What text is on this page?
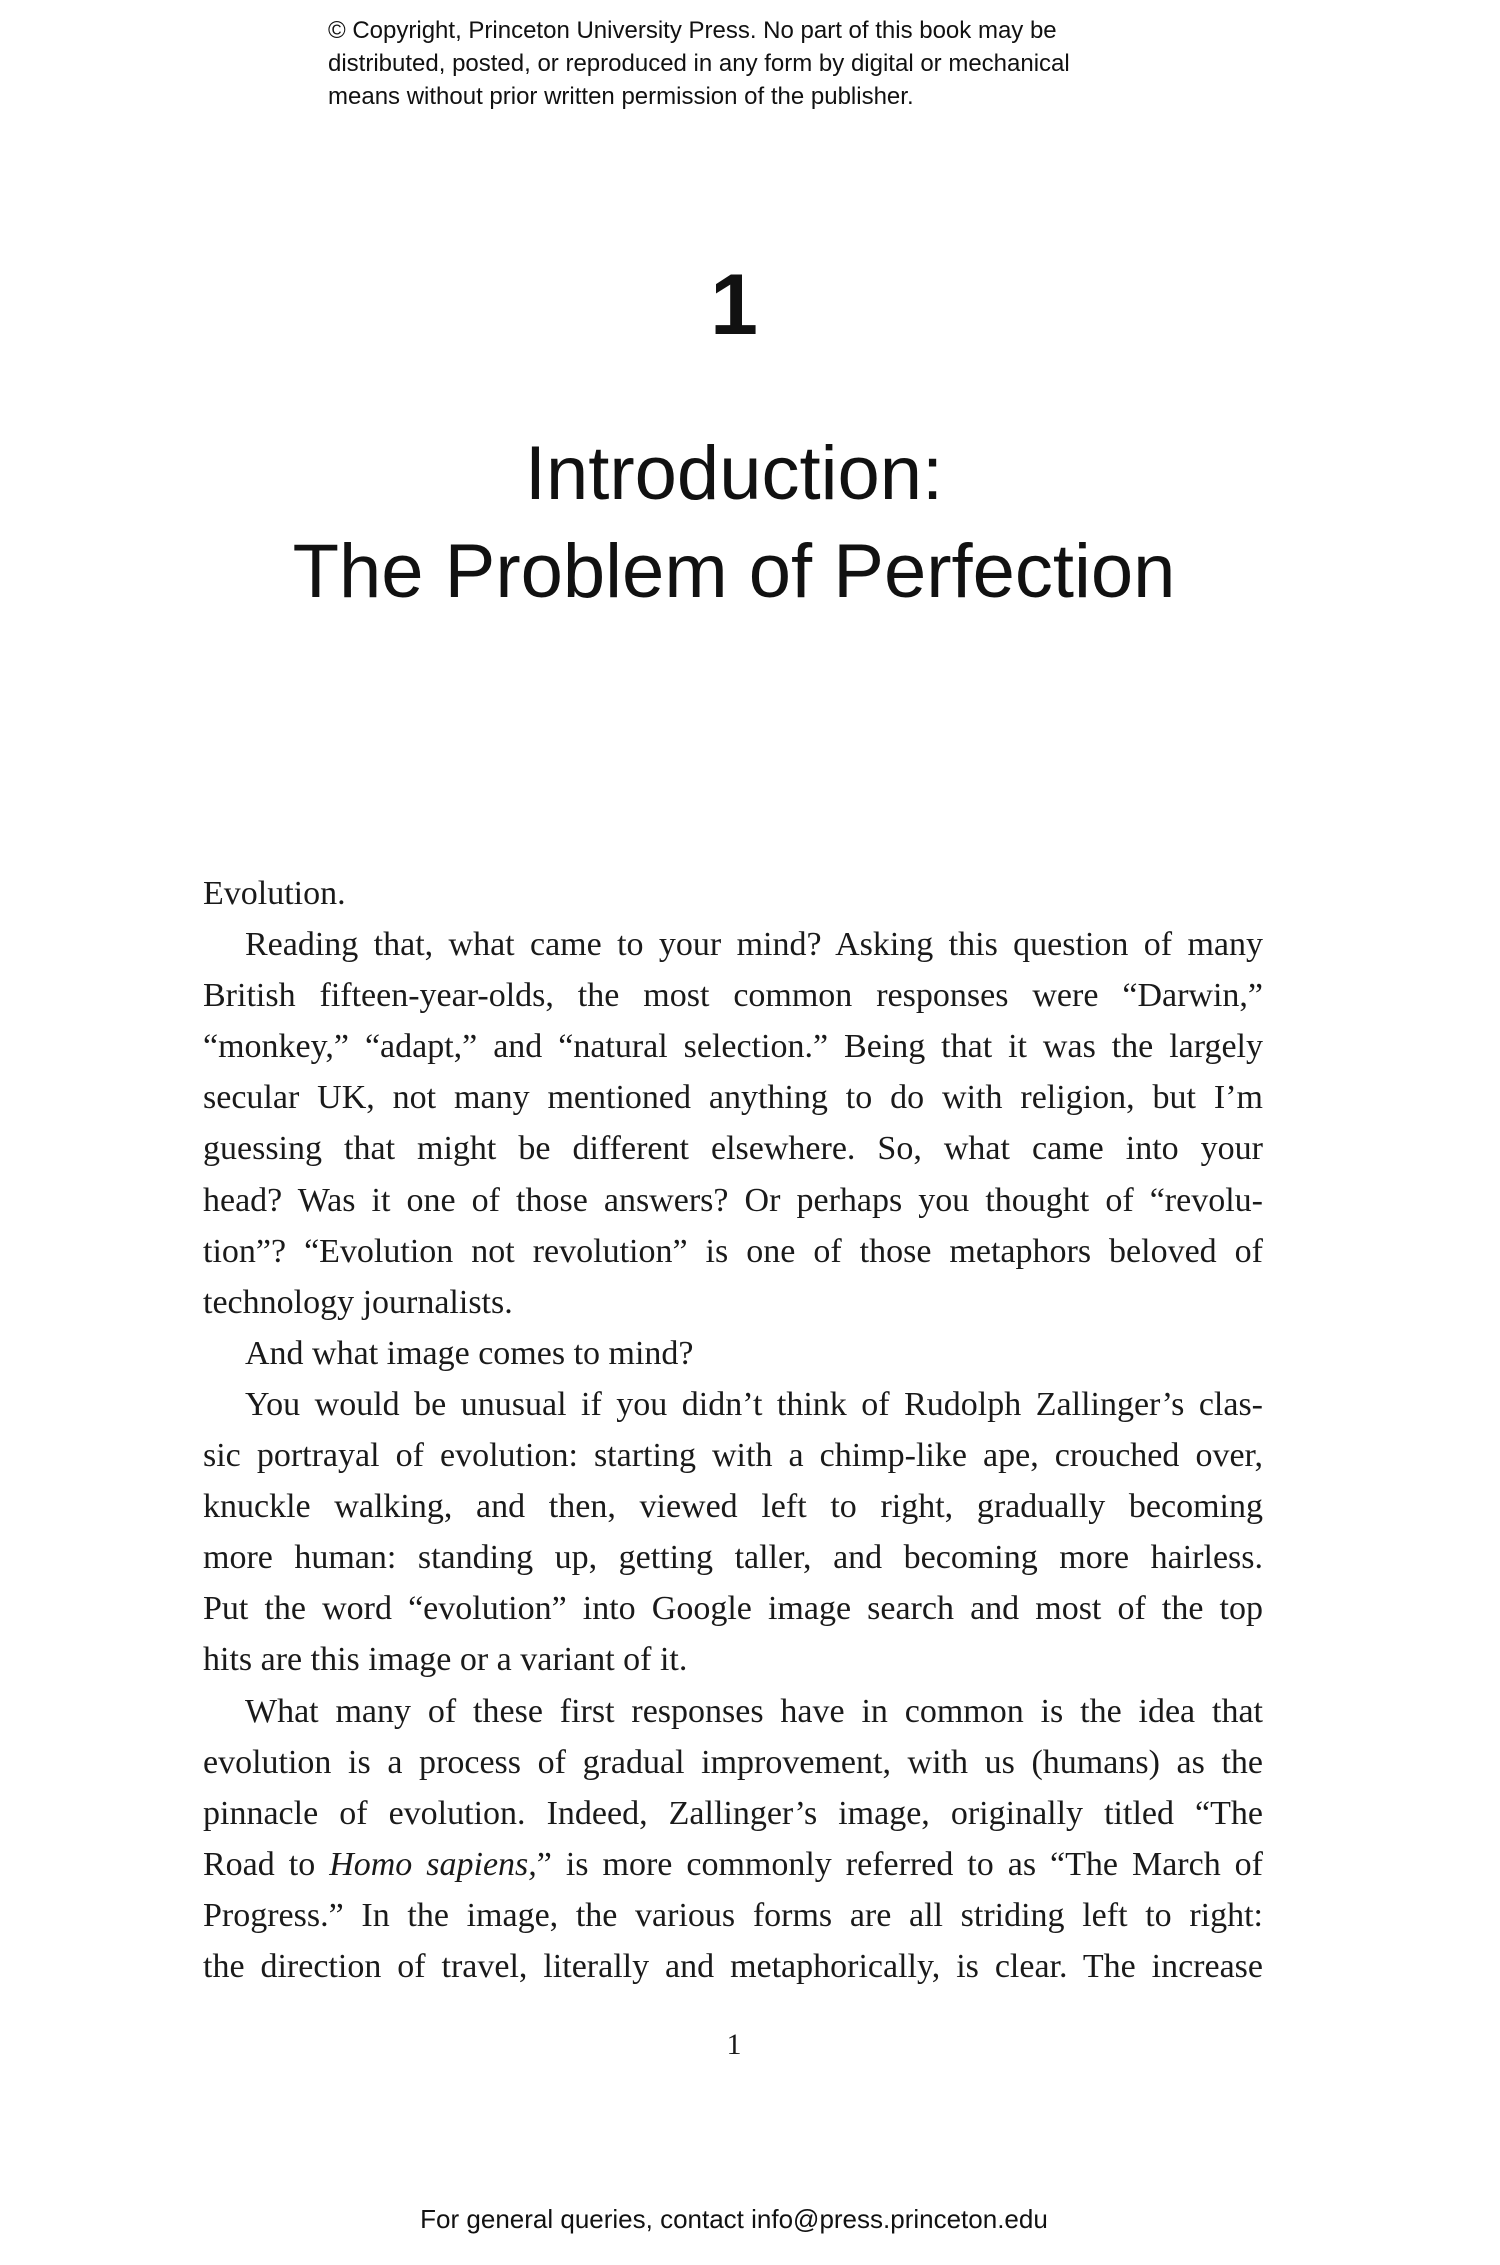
© Copyright, Princeton University Press. No part of this book may be
distributed, posted, or reproduced in any form by digital or mechanical
means without prior written permission of the publisher.
1
Introduction:
The Problem of Perfection
Evolution.
Reading that, what came to your mind? Asking this question of many
British fifteen-year-olds, the most common responses were “Darwin,”
“monkey,” “adapt,” and “natural selection.” Being that it was the largely
secular UK, not many mentioned anything to do with religion, but I’m
guessing that might be different elsewhere. So, what came into your
head? Was it one of those answers? Or perhaps you thought of “revolu-
tion”? “Evolution not revolution” is one of those metaphors beloved of
technology journalists.
And what image comes to mind?
You would be unusual if you didn’t think of Rudolph Zallinger’s clas-
sic portrayal of evolution: starting with a chimp-like ape, crouched over,
knuckle walking, and then, viewed left to right, gradually becoming
more human: standing up, getting taller, and becoming more hairless.
Put the word “evolution” into Google image search and most of the top
hits are this image or a variant of it.
What many of these first responses have in common is the idea that
evolution is a process of gradual improvement, with us (humans) as the
pinnacle of evolution. Indeed, Zallinger’s image, originally titled “The
Road to Homo sapiens,” is more commonly referred to as “The March of
Progress.” In the image, the various forms are all striding left to right:
the direction of travel, literally and metaphorically, is clear. The increase
1
For general queries, contact info@press.princeton.edu
